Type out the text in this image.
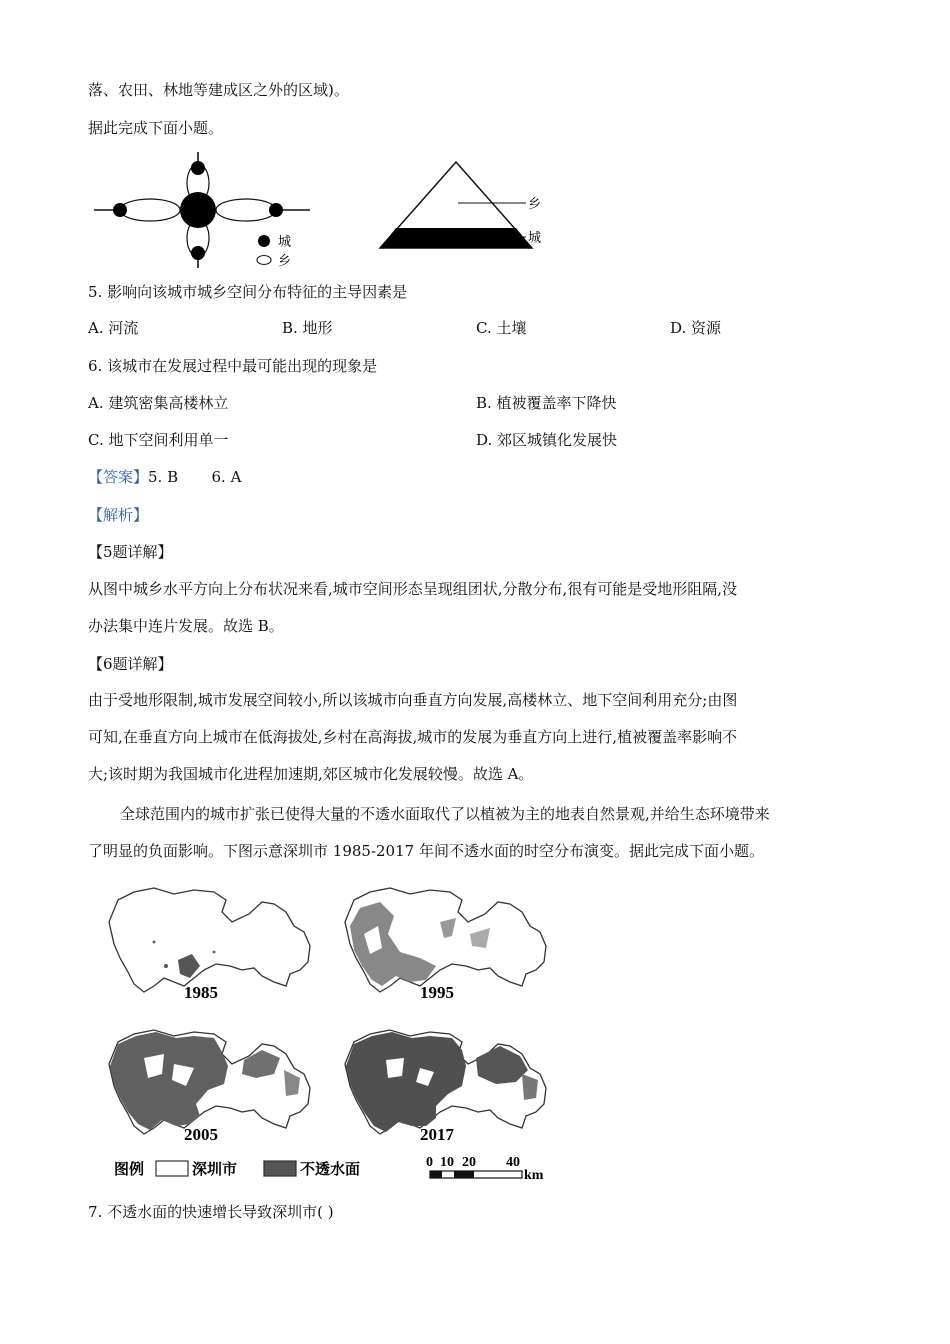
落、农田、林地等建成区之外的区域)。
据此完成下面小题。
城
乡
乡
城
5. 影响向该城市城乡空间分布特征的主导因素是
A. 河流	B. 地形	C. 土壤	D. 资源
6. 该城市在发展过程中最可能出现的现象是
A. 建筑密集高楼林立	B. 植被覆盖率下降快
C. 地下空间利用单一	D. 郊区城镇化发展快
【答案】5. B       6. A
【解析】
【5题详解】
从图中城乡水平方向上分布状况来看,城市空间形态呈现组团状,分散分布,很有可能是受地形阻隔,没
办法集中连片发展。故选 B。
【6题详解】
由于受地形限制,城市发展空间较小,所以该城市向垂直方向发展,高楼林立、地下空间利用充分;由图
可知,在垂直方向上城市在低海拔处,乡村在高海拔,城市的发展为垂直方向上进行,植被覆盖率影响不
大;该时期为我国城市化进程加速期,郊区城市化发展较慢。故选 A。
全球范围内的城市扩张已使得大量的不透水面取代了以植被为主的地表自然景观,并给生态环境带来
了明显的负面影响。下图示意深圳市 1985-2017 年间不透水面的时空分布演变。据此完成下面小题。
1985	1995
2005	2017
图例	深圳市	不透水面	0 10 20 40
km
7. 不透水面的快速增长导致深圳市( )
